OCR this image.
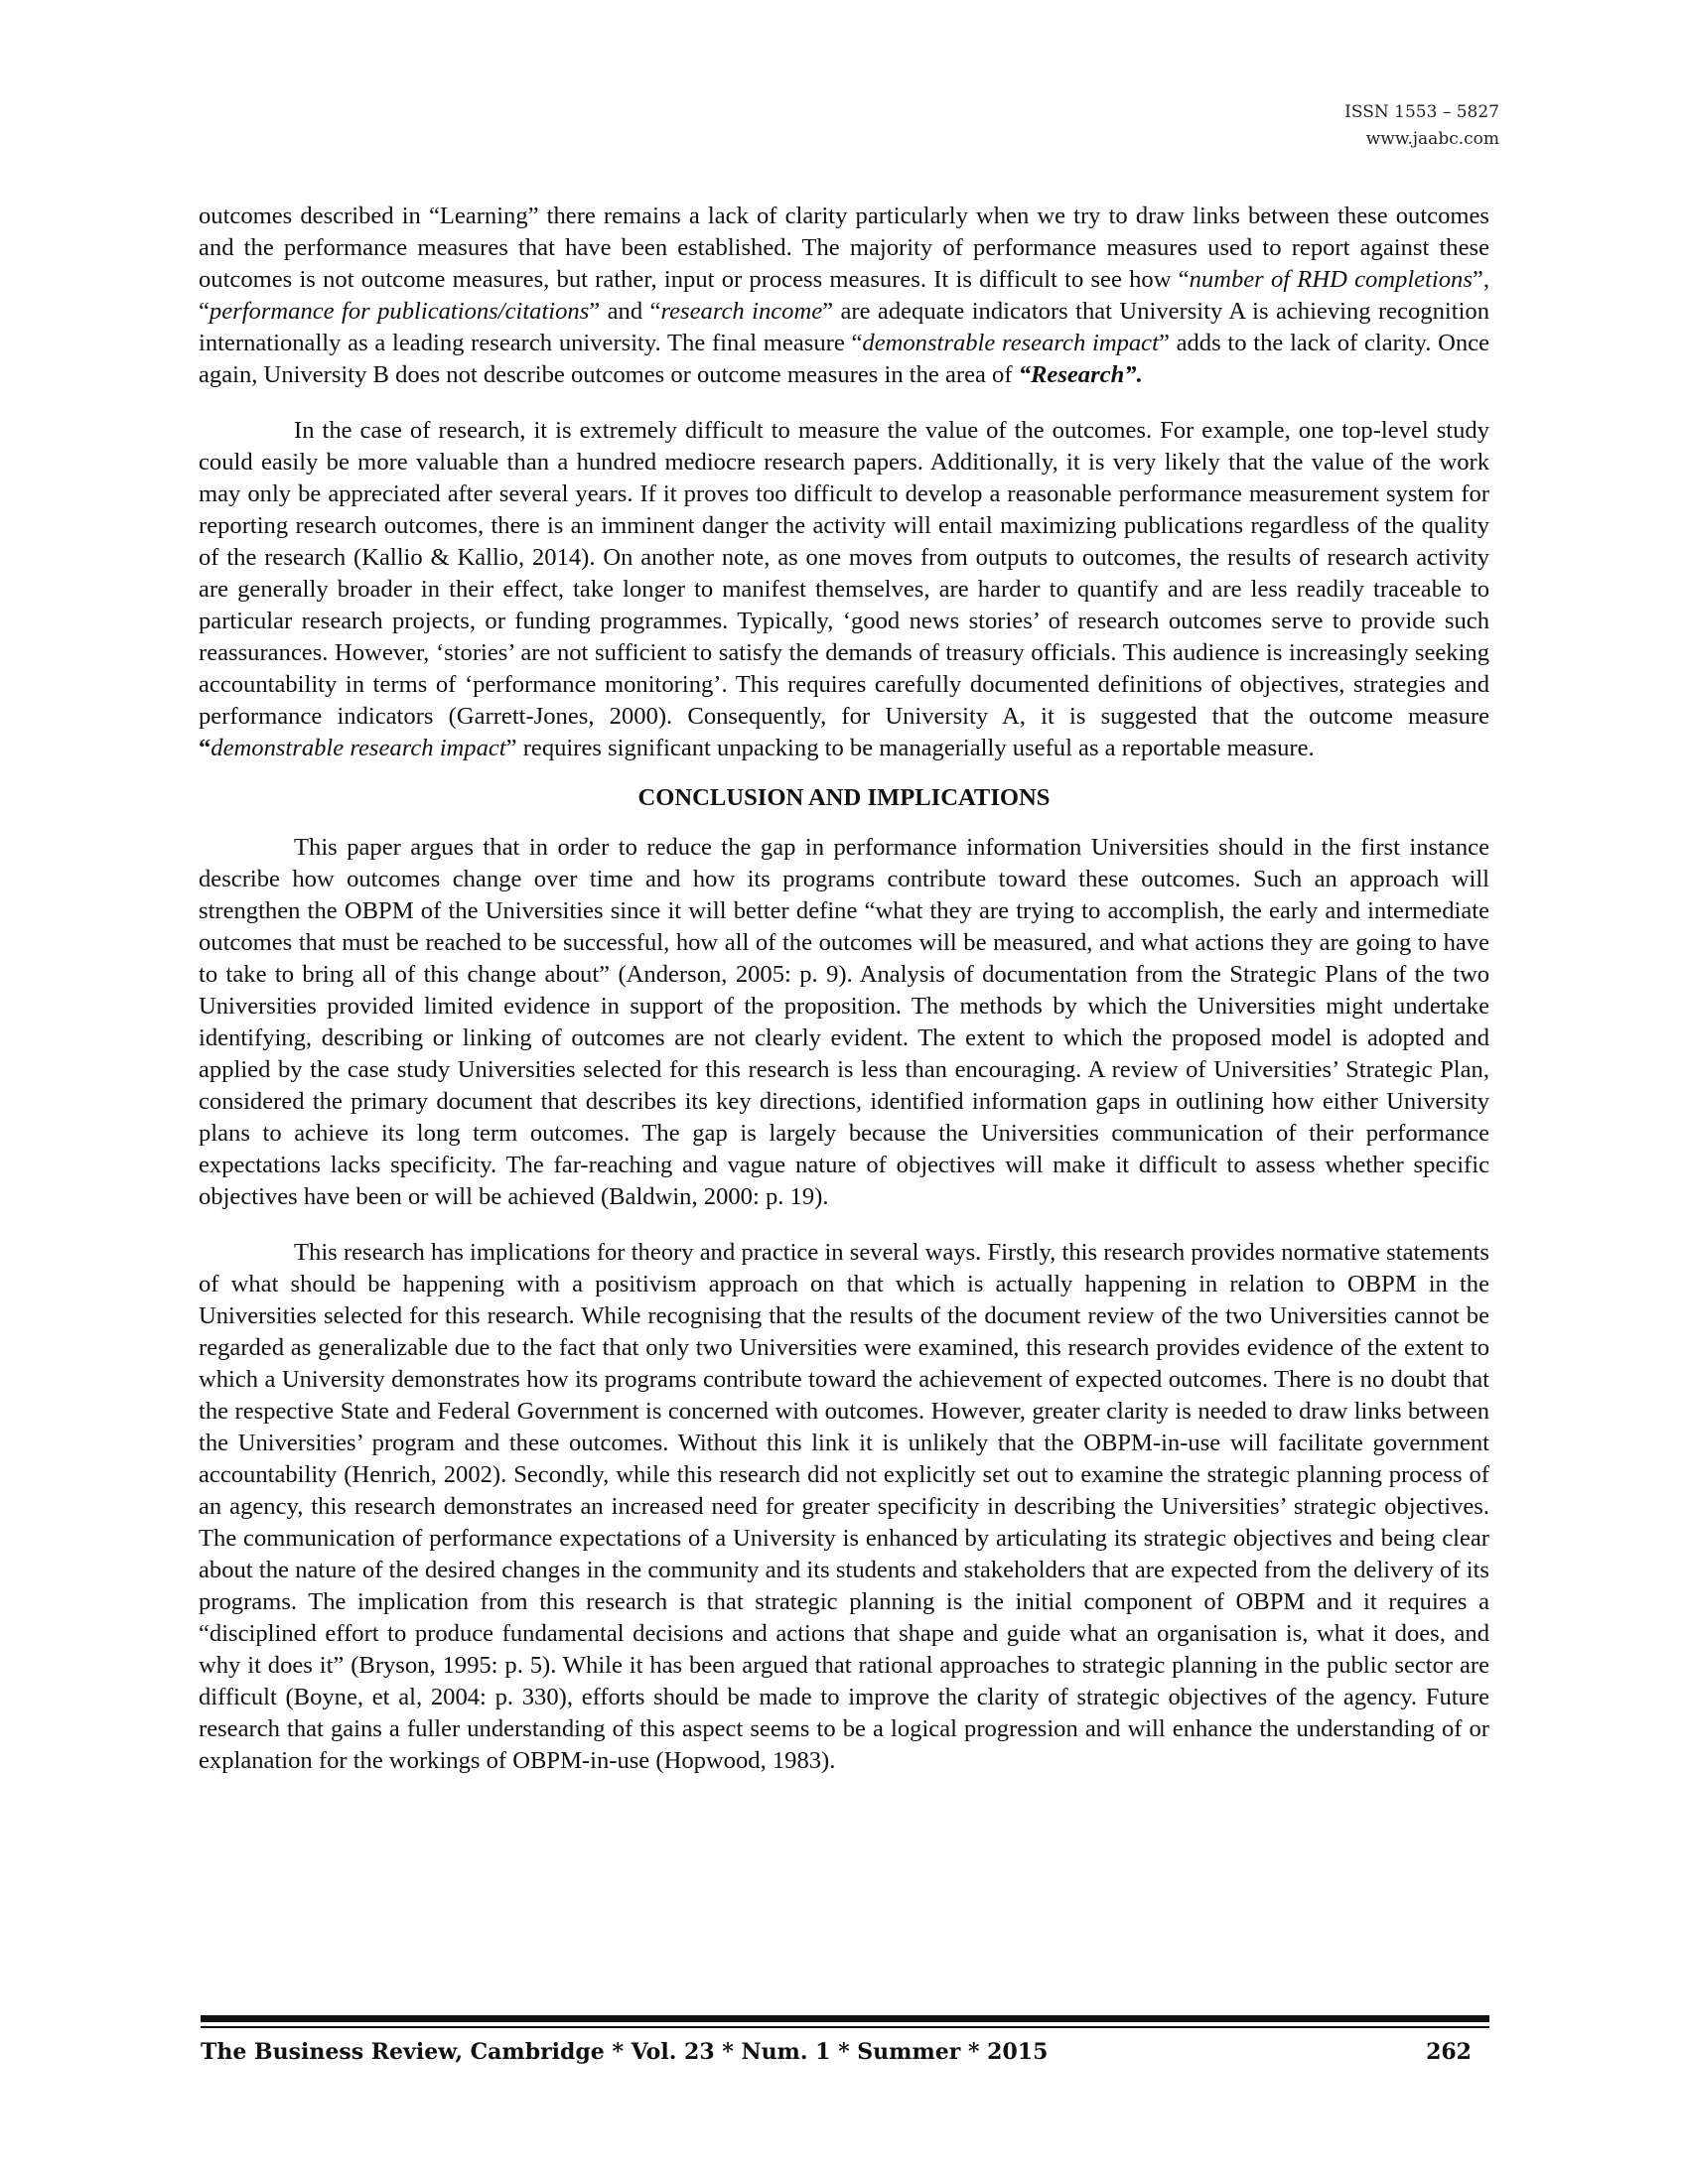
ISSN 1553 – 5827
www.jaabc.com

outcomes described in “Learning” there remains a lack of clarity particularly when we try to draw links between these outcomes and the performance measures that have been established. The majority of performance measures used to report against these outcomes is not outcome measures, but rather, input or process measures. It is difficult to see how “number of RHD completions”, “performance for publications/citations” and “research income” are adequate indicators that University A is achieving recognition internationally as a leading research university. The final measure “demonstrable research impact” adds to the lack of clarity. Once again, University B does not describe outcomes or outcome measures in the area of “Research”.

In the case of research, it is extremely difficult to measure the value of the outcomes. For example, one top-level study could easily be more valuable than a hundred mediocre research papers. Additionally, it is very likely that the value of the work may only be appreciated after several years. If it proves too difficult to develop a reasonable performance measurement system for reporting research outcomes, there is an imminent danger the activity will entail maximizing publications regardless of the quality of the research (Kallio & Kallio, 2014). On another note, as one moves from outputs to outcomes, the results of research activity are generally broader in their effect, take longer to manifest themselves, are harder to quantify and are less readily traceable to particular research projects, or funding programmes. Typically, ‘good news stories’ of research outcomes serve to provide such reassurances. However, ‘stories’ are not sufficient to satisfy the demands of treasury officials. This audience is increasingly seeking accountability in terms of ‘performance monitoring’. This requires carefully documented definitions of objectives, strategies and performance indicators (Garrett-Jones, 2000). Consequently, for University A, it is suggested that the outcome measure “demonstrable research impact” requires significant unpacking to be managerially useful as a reportable measure.

CONCLUSION AND IMPLICATIONS

This paper argues that in order to reduce the gap in performance information Universities should in the first instance describe how outcomes change over time and how its programs contribute toward these outcomes. Such an approach will strengthen the OBPM of the Universities since it will better define “what they are trying to accomplish, the early and intermediate outcomes that must be reached to be successful, how all of the outcomes will be measured, and what actions they are going to have to take to bring all of this change about” (Anderson, 2005: p. 9). Analysis of documentation from the Strategic Plans of the two Universities provided limited evidence in support of the proposition. The methods by which the Universities might undertake identifying, describing or linking of outcomes are not clearly evident. The extent to which the proposed model is adopted and applied by the case study Universities selected for this research is less than encouraging. A review of Universities’ Strategic Plan, considered the primary document that describes its key directions, identified information gaps in outlining how either University plans to achieve its long term outcomes. The gap is largely because the Universities communication of their performance expectations lacks specificity. The far-reaching and vague nature of objectives will make it difficult to assess whether specific objectives have been or will be achieved (Baldwin, 2000: p. 19).

This research has implications for theory and practice in several ways. Firstly, this research provides normative statements of what should be happening with a positivism approach on that which is actually happening in relation to OBPM in the Universities selected for this research. While recognising that the results of the document review of the two Universities cannot be regarded as generalizable due to the fact that only two Universities were examined, this research provides evidence of the extent to which a University demonstrates how its programs contribute toward the achievement of expected outcomes. There is no doubt that the respective State and Federal Government is concerned with outcomes. However, greater clarity is needed to draw links between the Universities’ program and these outcomes. Without this link it is unlikely that the OBPM-in-use will facilitate government accountability (Henrich, 2002). Secondly, while this research did not explicitly set out to examine the strategic planning process of an agency, this research demonstrates an increased need for greater specificity in describing the Universities’ strategic objectives. The communication of performance expectations of a University is enhanced by articulating its strategic objectives and being clear about the nature of the desired changes in the community and its students and stakeholders that are expected from the delivery of its programs. The implication from this research is that strategic planning is the initial component of OBPM and it requires a “disciplined effort to produce fundamental decisions and actions that shape and guide what an organisation is, what it does, and why it does it” (Bryson, 1995: p. 5). While it has been argued that rational approaches to strategic planning in the public sector are difficult (Boyne, et al, 2004: p. 330), efforts should be made to improve the clarity of strategic objectives of the agency. Future research that gains a fuller understanding of this aspect seems to be a logical progression and will enhance the understanding of or explanation for the workings of OBPM-in-use (Hopwood, 1983).

The Business Review, Cambridge * Vol. 23 * Num. 1 * Summer * 2015	262
